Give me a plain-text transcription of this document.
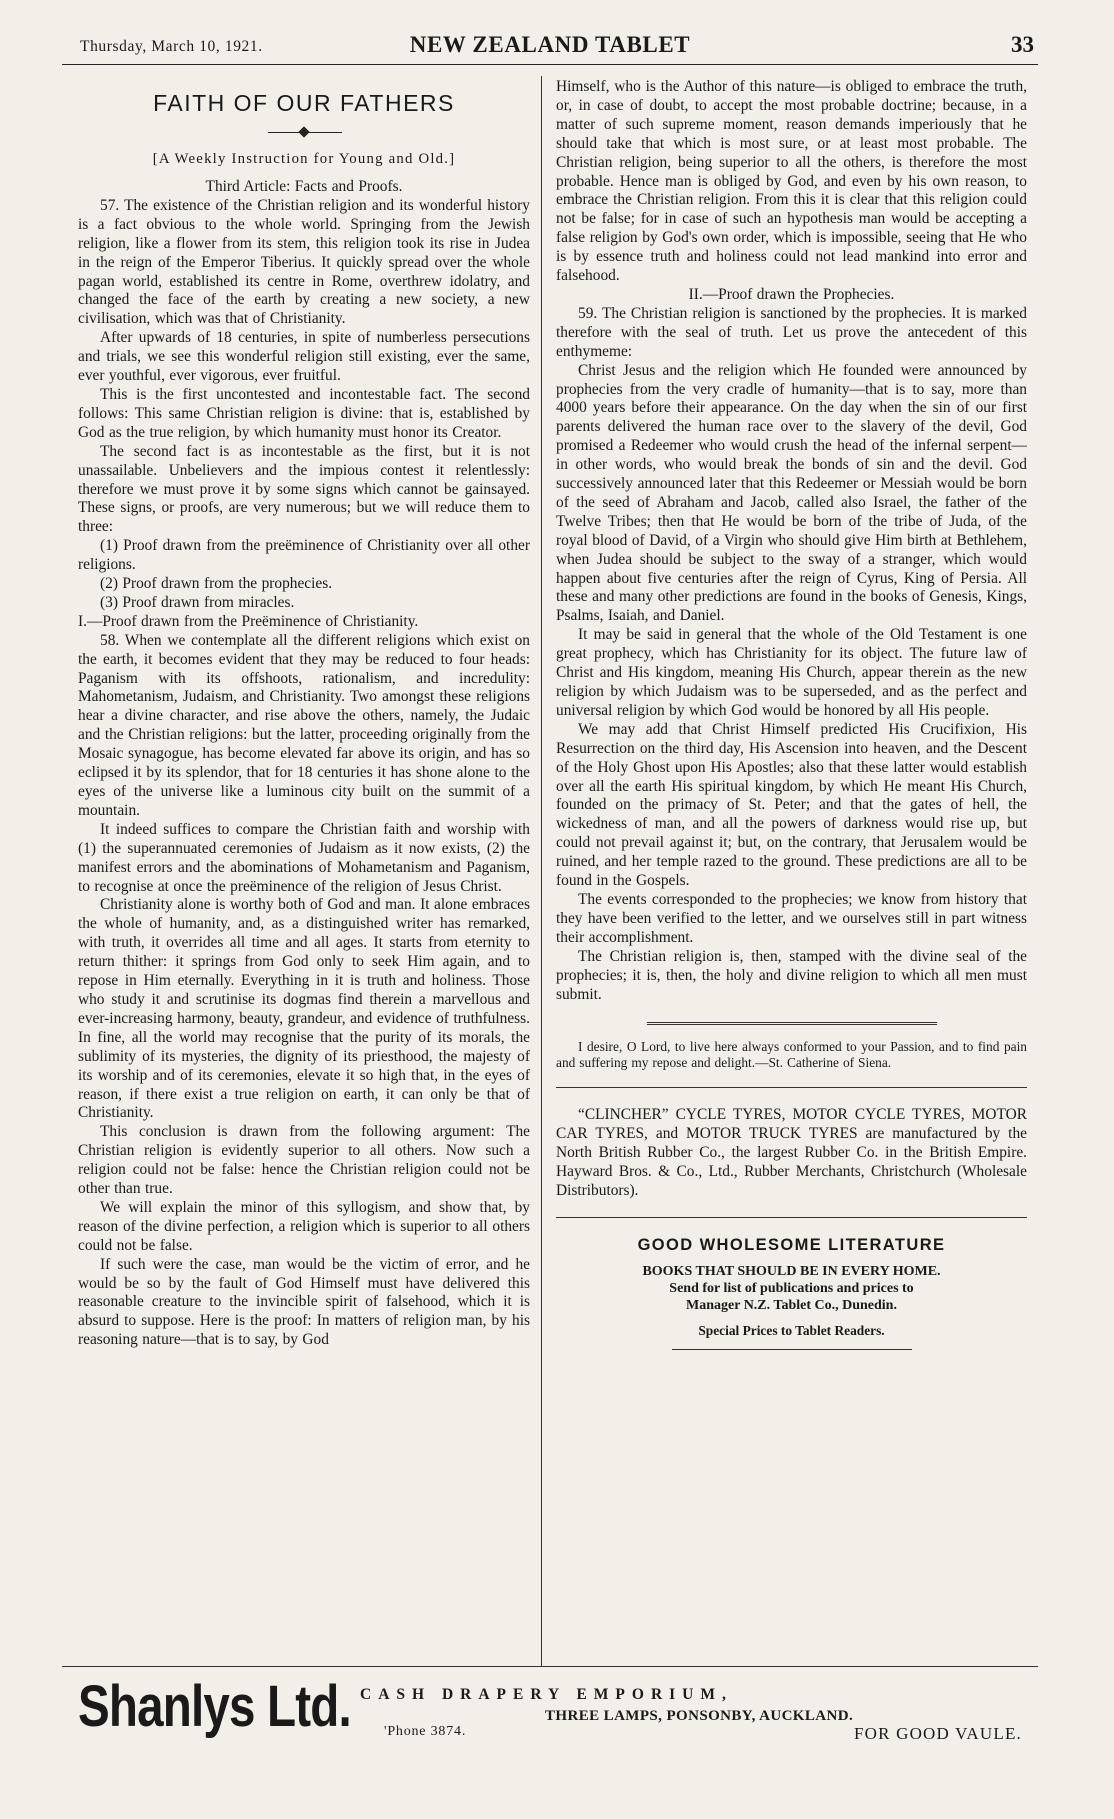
Thursday, March 10, 1921.	NEW ZEALAND TABLET	33
FAITH OF OUR FATHERS
[A Weekly Instruction for Young and Old.]

Third Article: Facts and Proofs.

57. The existence of the Christian religion and its wonderful history is a fact obvious to the whole world. Springing from the Jewish religion, like a flower from its stem, this religion took its rise in Judea in the reign of the Emperor Tiberius. It quickly spread over the whole pagan world, established its centre in Rome, overthrew idolatry, and changed the face of the earth by creating a new society, a new civilisation, which was that of Christianity.

After upwards of 18 centuries, in spite of numberless persecutions and trials, we see this wonderful religion still existing, ever the same, ever youthful, ever vigorous, ever fruitful.

This is the first uncontested and incontestable fact. The second follows: This same Christian religion is divine: that is, established by God as the true religion, by which humanity must honor its Creator.

The second fact is as incontestable as the first, but it is not unassailable. Unbelievers and the impious contest it relentlessly: therefore we must prove it by some signs which cannot be gainsayed. These signs, or proofs, are very numerous; but we will reduce them to three:

(1) Proof drawn from the preëminence of Christianity over all other religions.

(2) Proof drawn from the prophecies.

(3) Proof drawn from miracles.

I.—Proof drawn from the Preëminence of Christianity.

58. When we contemplate all the different religions which exist on the earth, it becomes evident that they may be reduced to four heads: Paganism with its offshoots, rationalism, and incredulity: Mahometanism, Judaism, and Christianity. Two amongst these religions hear a divine character, and rise above the others, namely, the Judaic and the Christian religions: but the latter, proceeding originally from the Mosaic synagogue, has become elevated far above its origin, and has so eclipsed it by its splendor, that for 18 centuries it has shone alone to the eyes of the universe like a luminous city built on the summit of a mountain.

It indeed suffices to compare the Christian faith and worship with (1) the superannuated ceremonies of Judaism as it now exists, (2) the manifest errors and the abominations of Mohametanism and Paganism, to recognise at once the preëminence of the religion of Jesus Christ.

Christianity alone is worthy both of God and man. It alone embraces the whole of humanity, and, as a distinguished writer has remarked, with truth, it overrides all time and all ages. It starts from eternity to return thither: it springs from God only to seek Him again, and to repose in Him eternally. Everything in it is truth and holiness. Those who study it and scrutinise its dogmas find therein a marvellous and ever-increasing harmony, beauty, grandeur, and evidence of truthfulness. In fine, all the world may recognise that the purity of its morals, the sublimity of its mysteries, the dignity of its priesthood, the majesty of its worship and of its ceremonies, elevate it so high that, in the eyes of reason, if there exist a true religion on earth, it can only be that of Christianity.

This conclusion is drawn from the following argument: The Christian religion is evidently superior to all others. Now such a religion could not be false: hence the Christian religion could not be other than true.

We will explain the minor of this syllogism, and show that, by reason of the divine perfection, a religion which is superior to all others could not be false.

If such were the case, man would be the victim of error, and he would be so by the fault of God Himself must have delivered this reasonable creature to the invincible spirit of falsehood, which it is absurd to suppose. Here is the proof: In matters of religion man, by his reasoning nature—that is to say, by God

Himself, who is the Author of this nature—is obliged to embrace the truth, or, in case of doubt, to accept the most probable doctrine; because, in a matter of such supreme moment, reason demands imperiously that he should take that which is most sure, or at least most probable. The Christian religion, being superior to all the others, is therefore the most probable. Hence man is obliged by God, and even by his own reason, to embrace the Christian religion. From this it is clear that this religion could not be false; for in case of such an hypothesis man would be accepting a false religion by God's own order, which is impossible, seeing that He who is by essence truth and holiness could not lead mankind into error and falsehood.

II.—Proof drawn the Prophecies.

59. The Christian religion is sanctioned by the prophecies. It is marked therefore with the seal of truth. Let us prove the antecedent of this enthymeme:

Christ Jesus and the religion which He founded were announced by prophecies from the very cradle of humanity—that is to say, more than 4000 years before their appearance. On the day when the sin of our first parents delivered the human race over to the slavery of the devil, God promised a Redeemer who would crush the head of the infernal serpent—in other words, who would break the bonds of sin and the devil. God successively announced later that this Redeemer or Messiah would be born of the seed of Abraham and Jacob, called also Israel, the father of the Twelve Tribes; then that He would be born of the tribe of Juda, of the royal blood of David, of a Virgin who should give Him birth at Bethlehem, when Judea should be subject to the sway of a stranger, which would happen about five centuries after the reign of Cyrus, King of Persia. All these and many other predictions are found in the books of Genesis, Kings, Psalms, Isaiah, and Daniel.

It may be said in general that the whole of the Old Testament is one great prophecy, which has Christianity for its object. The future law of Christ and His kingdom, meaning His Church, appear therein as the new religion by which Judaism was to be superseded, and as the perfect and universal religion by which God would be honored by all His people.

We may add that Christ Himself predicted His Crucifixion, His Resurrection on the third day, His Ascension into heaven, and the Descent of the Holy Ghost upon His Apostles; also that these latter would establish over all the earth His spiritual kingdom, by which He meant His Church, founded on the primacy of St. Peter; and that the gates of hell, the wickedness of man, and all the powers of darkness would rise up, but could not prevail against it; but, on the contrary, that Jerusalem would be ruined, and her temple razed to the ground. These predictions are all to be found in the Gospels.

The events corresponded to the prophecies; we know from history that they have been verified to the letter, and we ourselves still in part witness their accomplishment.

The Christian religion is, then, stamped with the divine seal of the prophecies; it is, then, the holy and divine religion to which all men must submit.

I desire, O Lord, to live here always conformed to your Passion, and to find pain and suffering my repose and delight.—St. Catherine of Siena.

“CLINCHER” CYCLE TYRES, MOTOR CYCLE TYRES, MOTOR CAR TYRES, and MOTOR TRUCK TYRES are manufactured by the North British Rubber Co., the largest Rubber Co. in the British Empire. Hayward Bros. & Co., Ltd., Rubber Merchants, Christchurch (Wholesale Distributors).

GOOD WHOLESOME LITERATURE
BOOKS THAT SHOULD BE IN EVERY HOME.
Send for list of publications and prices to
Manager N.Z. Tablet Co., Dunedin.
Special Prices to Tablet Readers.
Shanlys Ltd. CASH DRAPERY EMPORIUM,
THREE LAMPS, PONSONBY, AUCKLAND.
'Phone 3874.	FOR GOOD VAULE.
